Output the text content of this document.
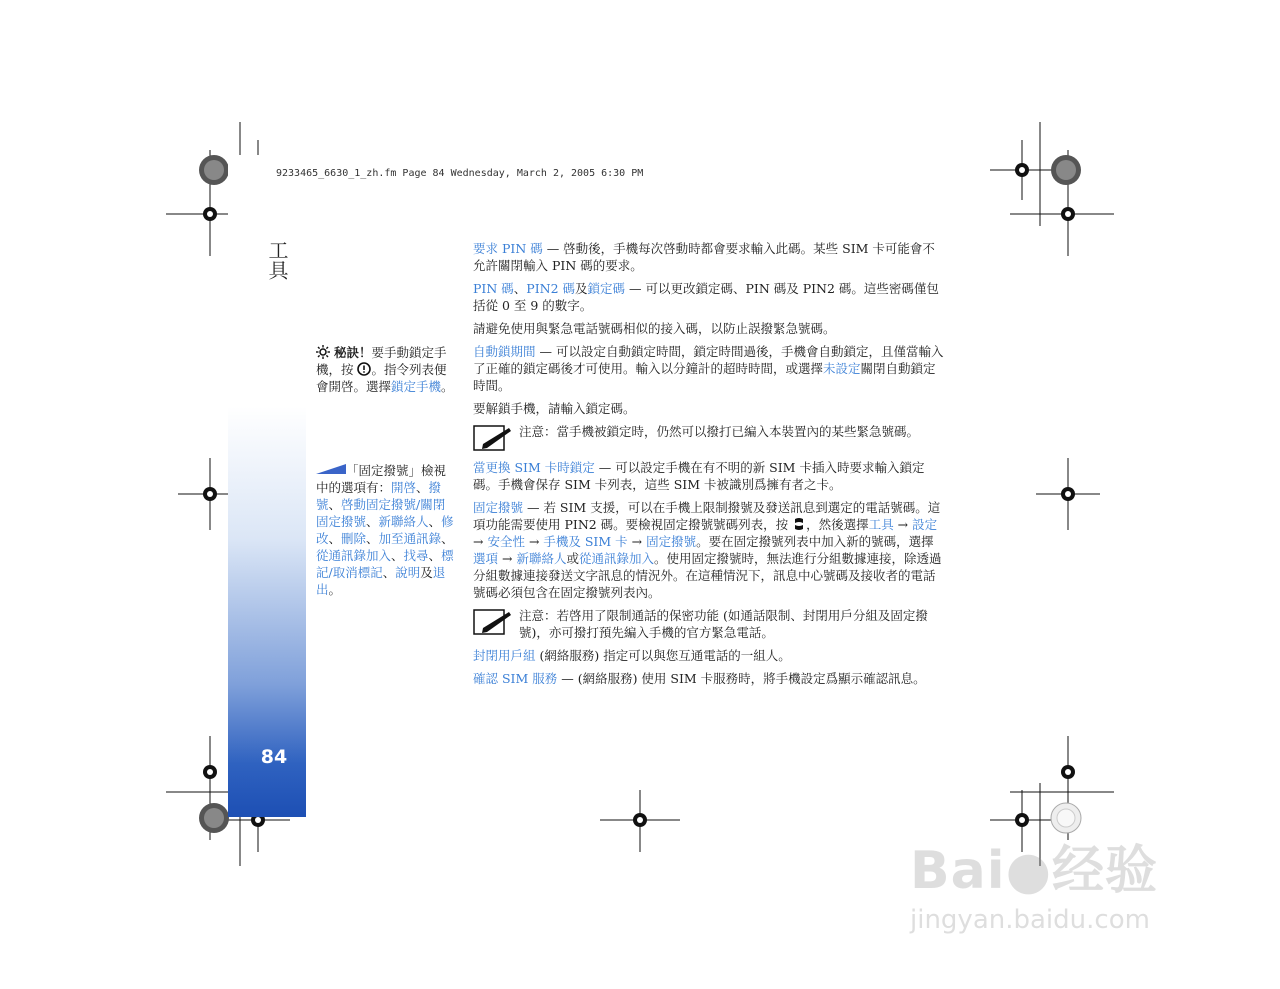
工具
84
9233465_6630_1_zh.fm Page 84 Wednesday, March 2, 2005 6:30 PM
秘訣！要手動鎖定手機，按 。指令列表便會開啓。選擇鎖定手機。
「固定撥號」檢視中的選項有：開啓、撥號、啓動固定撥號/關閉固定撥號、新聯絡人、修改、刪除、加至通訊錄、從通訊錄加入、找尋、標記/取消標記、說明及退出。

要求 PIN 碼 — 啓動後，手機每次啓動時都會要求輸入此碼。某些 SIM 卡可能會不允許關閉輸入 PIN 碼的要求。

PIN 碼、PIN2 碼及鎖定碼 — 可以更改鎖定碼、PIN 碼及 PIN2 碼。這些密碼僅包括從 0 至 9 的數字。

請避免使用與緊急電話號碼相似的接入碼，以防止誤撥緊急號碼。

自動鎖期間 — 可以設定自動鎖定時間，鎖定時間過後，手機會自動鎖定，且僅當輸入了正確的鎖定碼後才可使用。輸入以分鐘計的超時時間，或選擇未設定關閉自動鎖定時間。

要解鎖手機，請輸入鎖定碼。

注意：當手機被鎖定時，仍然可以撥打已編入本裝置內的某些緊急號碼。

當更換 SIM 卡時鎖定 — 可以設定手機在有不明的新 SIM 卡插入時要求輸入鎖定碼。手機會保存 SIM 卡列表，這些 SIM 卡被識別爲擁有者之卡。

固定撥號 — 若 SIM 支援，可以在手機上限制撥號及發送訊息到選定的電話號碼。這項功能需要使用 PIN2 碼。要檢視固定撥號號碼列表，按 ，然後選擇工具 → 設定 → 安全性 → 手機及 SIM 卡 → 固定撥號。要在固定撥號列表中加入新的號碼，選擇選項 → 新聯絡人或從通訊錄加入。使用固定撥號時，無法進行分組數據連接，除透過分組數據連接發送文字訊息的情況外。在這種情況下，訊息中心號碼及接收者的電話號碼必須包含在固定撥號列表內。

注意：若啓用了限制通話的保密功能 (如通話限制、封閉用戶分組及固定撥號)，亦可撥打預先編入手機的官方緊急電話。

封閉用戶組 (網絡服務) 指定可以與您互通電話的一組人。

確認 SIM 服務 — (網絡服務) 使用 SIM 卡服務時，將手機設定爲顯示確認訊息。

Bai●经验
jingyan.baidu.com
